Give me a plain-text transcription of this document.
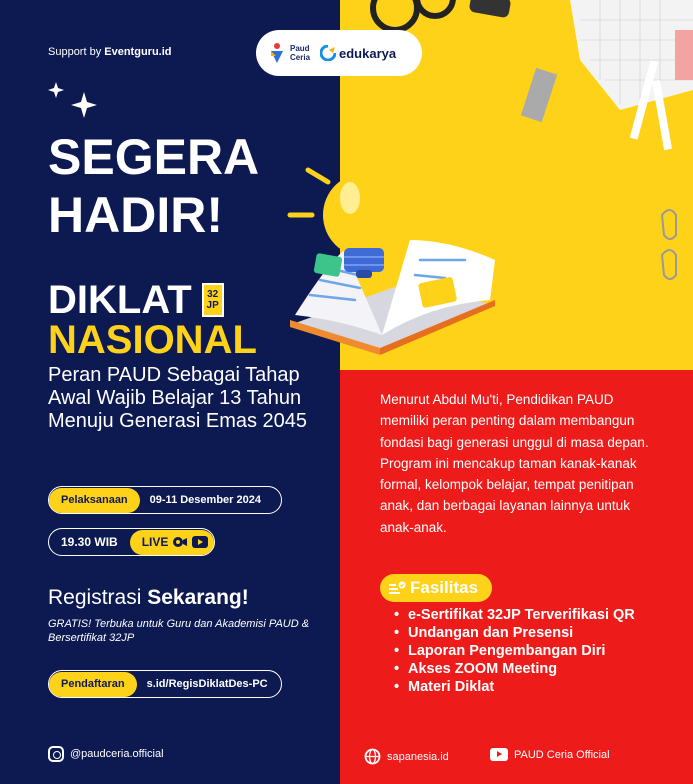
Support by Eventguru.id	Paud
Ceria edukarya
SEGERA
HADIR!
DIKLAT 32
JP
NASIONAL
Peran PAUD Sebagai Tahap Awal Wajib Belajar 13 Tahun Menuju Generasi Emas 2045
Pelaksanaan	09-11 Desember 2024
19.30 WIB	LIVE
Registrasi Sekarang!
GRATIS! Terbuka untuk Guru dan Akademisi PAUD & Bersertifikat 32JP
Pendaftaran	s.id/RegisDiklatDes-PC
@paudceria.official
Menurut Abdul Mu'ti, Pendidikan PAUD memiliki peran penting dalam membangun fondasi bagi generasi unggul di masa depan. Program ini mencakup taman kanak-kanak formal, kelompok belajar, tempat penitipan anak, dan berbagai layanan lainnya untuk anak-anak.
Fasilitas
• e-Sertifikat 32JP Terverifikasi QR
• Undangan dan Presensi
• Laporan Pengembangan Diri
• Akses ZOOM Meeting
• Materi Diklat
sapanesia.id	PAUD Ceria Official
